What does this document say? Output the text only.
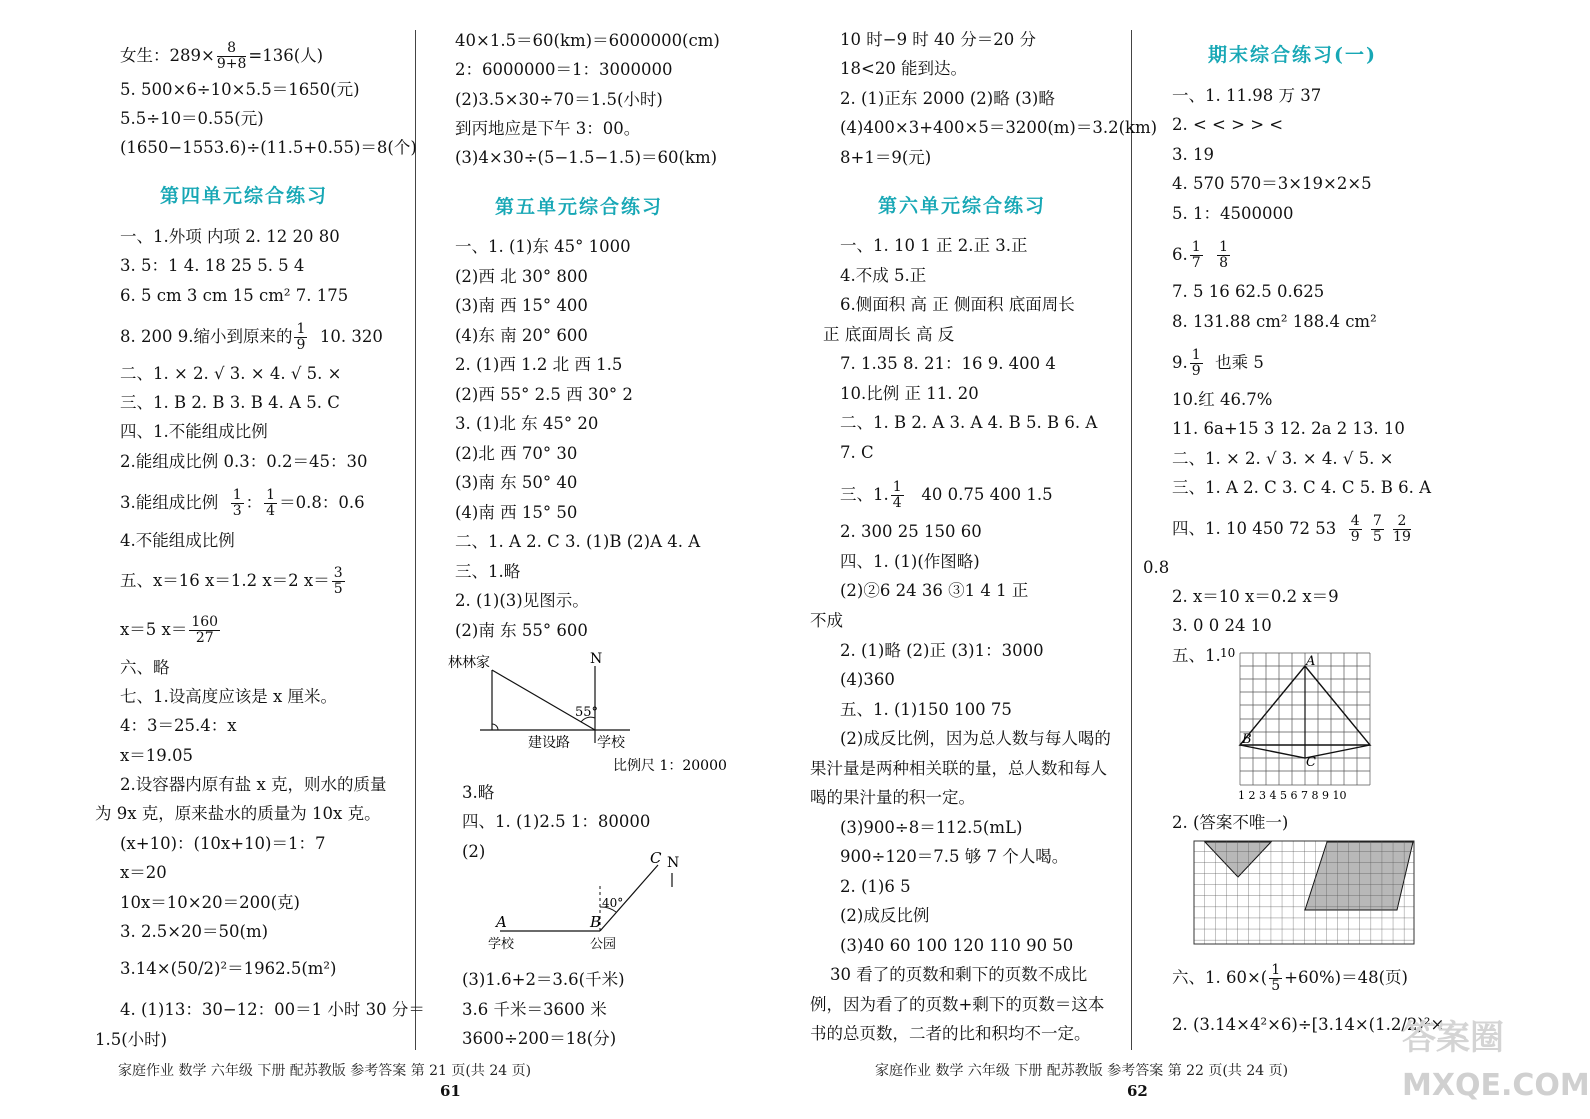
女生：$289\times \frac{8}{9+8} =136$(人)
5. 500×6÷10×5.5＝1650(元)
5.5÷10＝0.55(元)
(1650−1553.6)÷(11.5+0.55)＝8(个)
第四单元综合练习
一、1.外项 内项 2. 12 20 80
3. 5：1 4. 18 25 5. 5 4
6. 5 cm 3 cm 15 cm² 7. 175
8. 200 9.缩小到原来的 $\frac{1}{9} 10$. 320
二、1. × 2. √ 3. × 4. √ 5. ×
三、1. B 2. B 3. B 4. A 5. C
四、1.不能组成比例
2.能组成比例 0.3：0.2＝45：30
3.能组成比例 $\frac{1}{3}$ ： $\frac{1}{4} =0.8$：0.6
4.不能组成比例
五、x＝16 x＝1.2 x＝2 $x= \frac{3}{5}$
x＝5 $x= \frac{160}{27}$
六、略
七、1.设高度应该是 x 厘米。
4：3＝25.4：x
x＝19.05
2.设容器内原有盐 x 克，则水的质量
为 9x 克，原来盐水的质量为 10x 克。
(x+10)：(10x+10)＝1：7
x＝20
10x＝10×20＝200(克)
3. 2.5×20＝50(m)
3.14×(50/2)²＝1962.5(m²)
4. (1)13：30−12：00＝1 小时 30 分＝
1.5(小时)
40×1.5＝60(km)＝6000000(cm)
2：6000000＝1：3000000
(2)3.5×30÷70＝1.5(小时)
到丙地应是下午 3：00。
(3)4×30÷(5−1.5−1.5)＝60(km)
第五单元综合练习
一、1. (1)东 45° 1000
(2)西 北 30° 800
(3)南 西 15° 400
(4)东 南 20° 600
2. (1)西 1.2 北 西 1.5
(2)西 55° 2.5 西 30° 2
3. (1)北 东 45° 20
(2)北 西 70° 30
(3)南 东 50° 40
(4)南 西 15° 50
二、1. A 2. C 3. (1)B (2)A 4. A
三、1.略
2. (1)(3)见图示。
(2)南 东 55° 600
林林家	N
55°
建设路 学校
比例尺 1：20000
3.略
四、1. (1)2.5 1：80000
(2)
A	B
C N
40°
学校	公园
(3)1.6+2＝3.6(千米)
3.6 千米＝3600 米
3600÷200＝18(分)
10 时−9 时 40 分＝20 分
18<20 能到达。
2. (1)正东 2000 (2)略 (3)略
(4)400×3+400×5＝3200(m)＝3.2(km)
8+1＝9(元)
第六单元综合练习
一、1. 10 1 正 2.正 3.正
4.不成 5.正
6.侧面积 高 正 侧面积 底面周长
正 底面周长 高 反
7. 1.35 8. 21：16 9. 400 4
10.比例 正 11. 20
二、1. B 2. A 3. A 4. B 5. B 6. A
7. C
三、1. $\frac{1}{4} 40$ 0.75 400 1.5
2. 300 25 150 60
四、1. (1)(作图略)
(2)②6 24 36 ③1 4 1 正
不成
2. (1)略 (2)正 (3)1：3000
(4)360
五、1. (1)150 100 75
(2)成反比例，因为总人数与每人喝的
果汁量是两种相关联的量，总人数和每人
喝的果汁量的积一定。
(3)900÷8＝112.5(mL)
900÷120＝7.5 够 7 个人喝。
2. (1)6 5
(2)成反比例
(3)40 60 100 120 110 90 50
30 看了的页数和剩下的页数不成比
例，因为看了的页数+剩下的页数＝这本
书的总页数，二者的比和积均不一定。
期末综合练习(一)
一、1. 11.98 万 37
2. < < > > <
3. 19
4. 570 570＝3×19×2×5
5. 1：4500000
6. $\frac{1}{7}$
$\frac{1}{8}$
7. 5 16 62.5 0.625
8. 131.88 cm² 188.4 cm²
9. $\frac{1}{9}$ 也乘 5
10.红 46.7%
11. 6a+15 3 12. 2a 2 13. 10
二、1. × 2. √ 3. × 4. √ 5. ×
三、1. A 2. C 3. C 4. C 5. B 6. A
四、1. 10 450 72 $53 \frac{4}{9}$
$\frac{7}{5}$
$\frac{2}{19}$
0.8
2. x＝10 x＝0.2 x＝9
3. 0 0 24 10
五、1.	A
B
C
10
1 2 3 4 5 6 7 8 9 10
2. (答案不唯一)
六、1. $60\times( \frac{1}{5} +60\%)=48$(页)
2. (3.14×4²×6)÷[3.14×(1.2/2)²×
家庭作业 数学 六年级 下册 配苏教版 参考答案 第 21 页(共 24 页)
61
家庭作业 数学 六年级 下册 配苏教版 参考答案 第 22 页(共 24 页)
62
答案圈
MXQE.COM
